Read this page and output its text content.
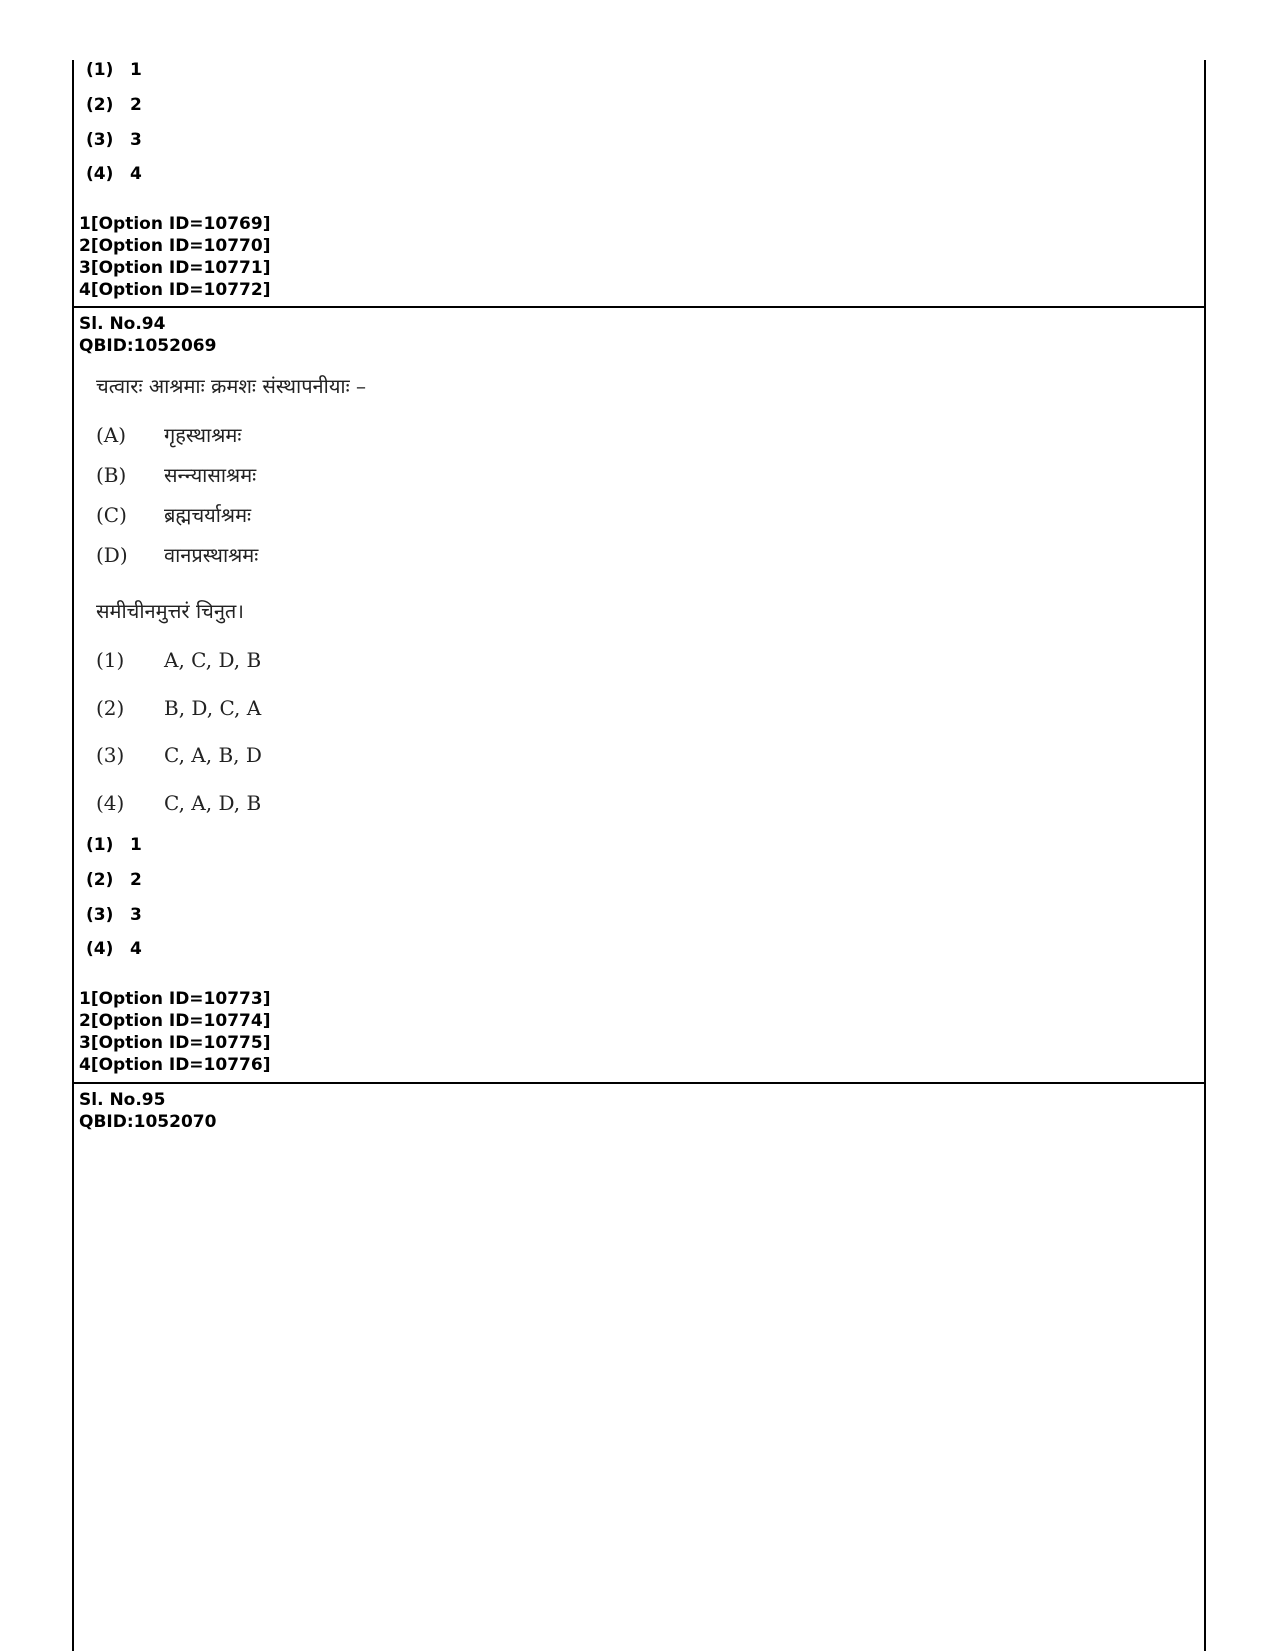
(1) 1
(2) 2
(3) 3
(4) 4
1[Option ID=10769]
2[Option ID=10770]
3[Option ID=10771]
4[Option ID=10772]
Sl. No.94
QBID:1052069
चत्वारः आश्रमाः क्रमशः संस्थापनीयाः –
(A) गृहस्थाश्रमः
(B) सन्न्यासाश्रमः
(C) ब्रह्मचर्याश्रमः
(D) वानप्रस्थाश्रमः
समीचीनमुत्तरं चिनुत।
(1) A, C, D, B
(2) B, D, C, A
(3) C, A, B, D
(4) C, A, D, B
(1) 1
(2) 2
(3) 3
(4) 4
1[Option ID=10773]
2[Option ID=10774]
3[Option ID=10775]
4[Option ID=10776]
Sl. No.95
QBID:1052070
